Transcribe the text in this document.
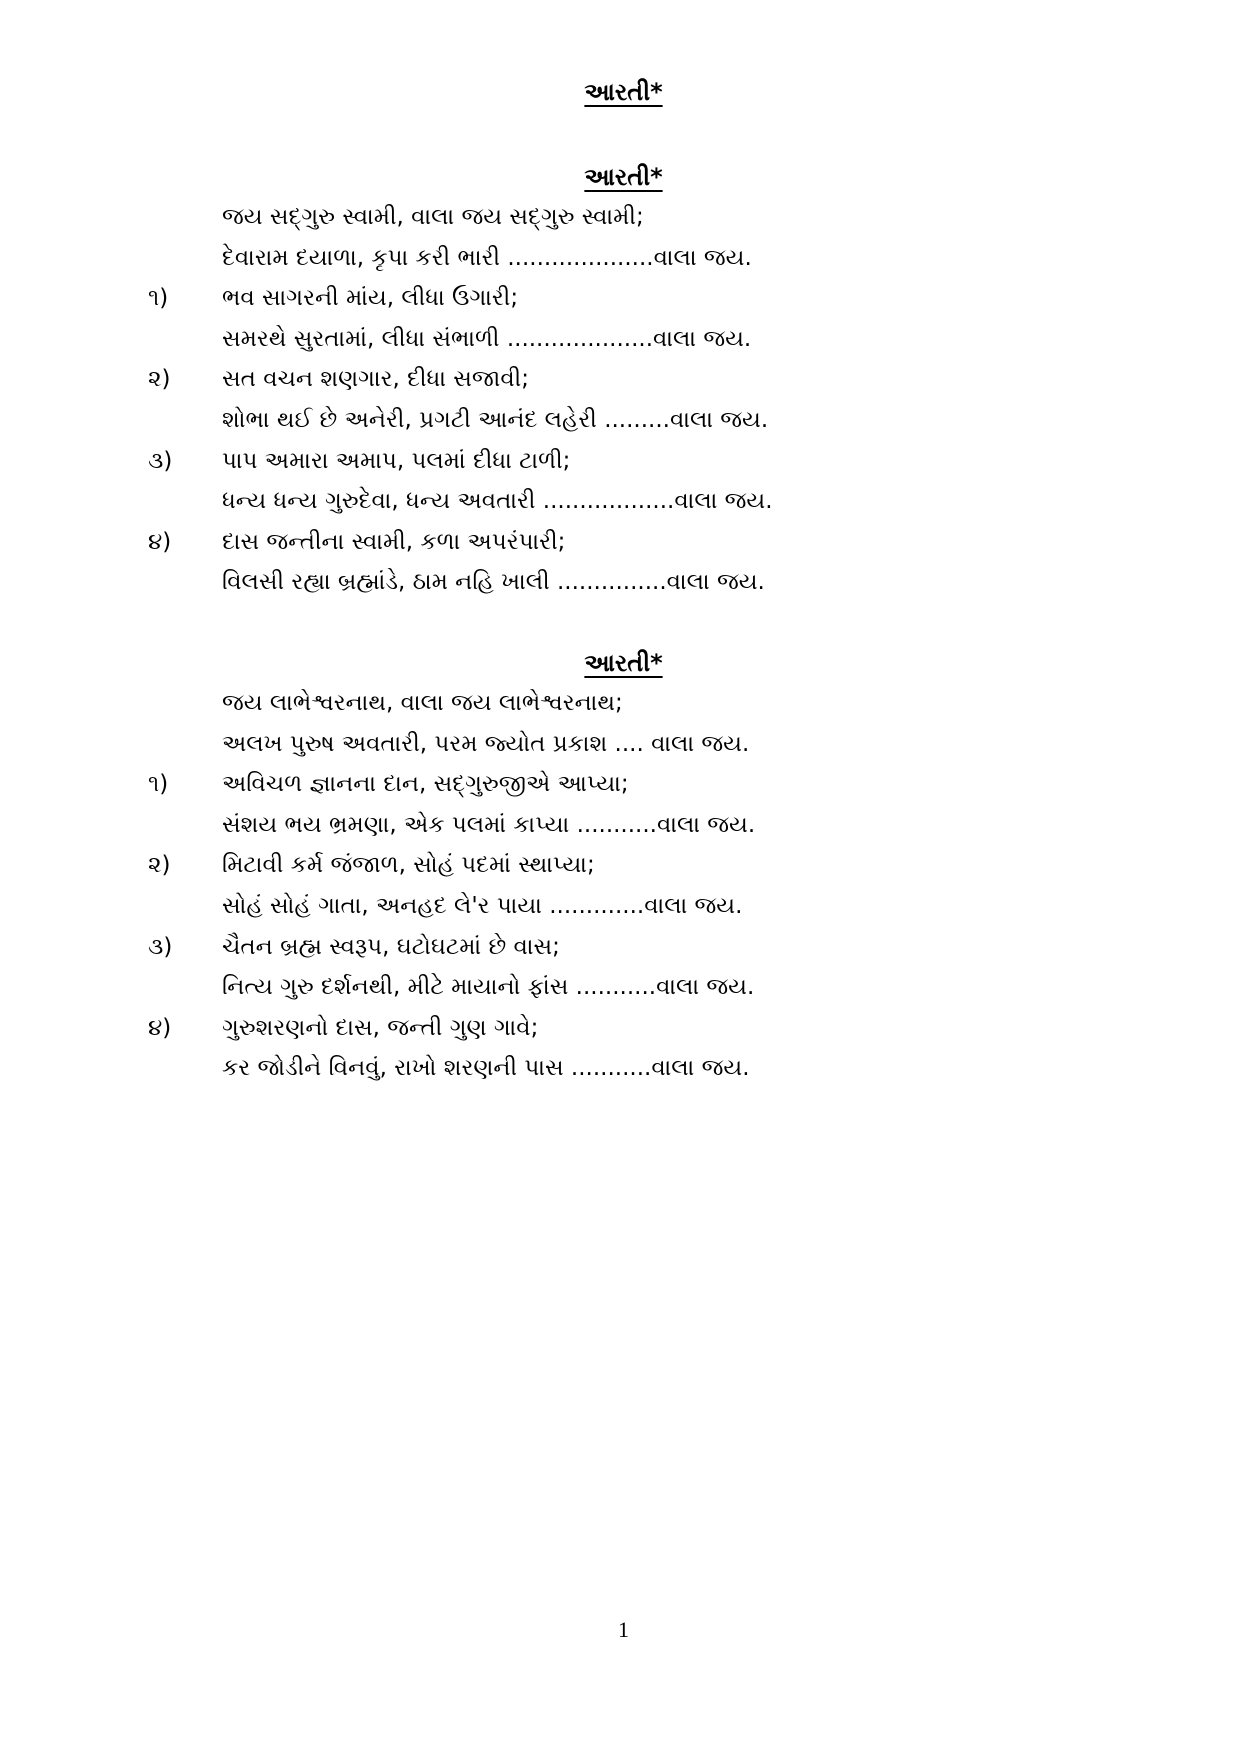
આરતી*
આરતી*
જય સદ્‌ગુરુ સ્વામી, વાલા જય સદ્‌ગુરુ સ્વામી;
દેવારામ દયાળા, કૃપા કરી ભારી ....................વાલા જય.
૧) ભવ સાગરની માંય, લીધા ઉગારી;
સમરથે સુરતામાં, લીધા સંભાળી ....................વાલા જય.
૨) સત વચન શણગાર, દીધા સજાવી;
શોભા થઈ છે અનેરી, પ્રગટી આનંદ લહેરી .........વાલા જય.
૩) પાપ અમારા અમાપ, પલમાં દીધા ટાળી;
ધન્ય ધન્ય ગુરુદેવા, ધન્ય અવતારી ..................વાલા જય.
૪) દાસ જન્તીના સ્વામી, કળા અપરંપારી;
વિલસી રહ્યા બ્રહ્માંડે, ઠામ નહિ ખાલી ...............વાલા જય.
આરતી*
જય લાભેશ્વરનાથ, વાલા જય લાભેશ્વરનાથ;
અલખ પુરુષ અવતારી, પરમ જ્યોત પ્રકાશ .... વાલા જય.
૧) અવિચળ જ્ઞાનના દાન, સદ્‌ગુરુજીએ આપ્યા;
સંશય ભય ભ્રમણા, એક પલમાં કાપ્યા ...........વાલા જય.
૨) મિટાવી કર્મ જંજાળ, સોહં પદમાં સ્થાપ્યા;
સોહં સોહં ગાતા, અનહદ લે'ર પાયા .............વાલા જય.
૩) ચૈતન બ્રહ્મ સ્વરૂપ, ઘટોઘટમાં છે વાસ;
નિત્ય ગુરુ દર્શનથી, મીટે માયાનો ફાંસ ...........વાલા જય.
૪) ગુરુશરણનો દાસ, જન્તી ગુણ ગાવે;
કર જોડીને વિનવું, રાખો શરણની પાસ ...........વાલા જય.
1
